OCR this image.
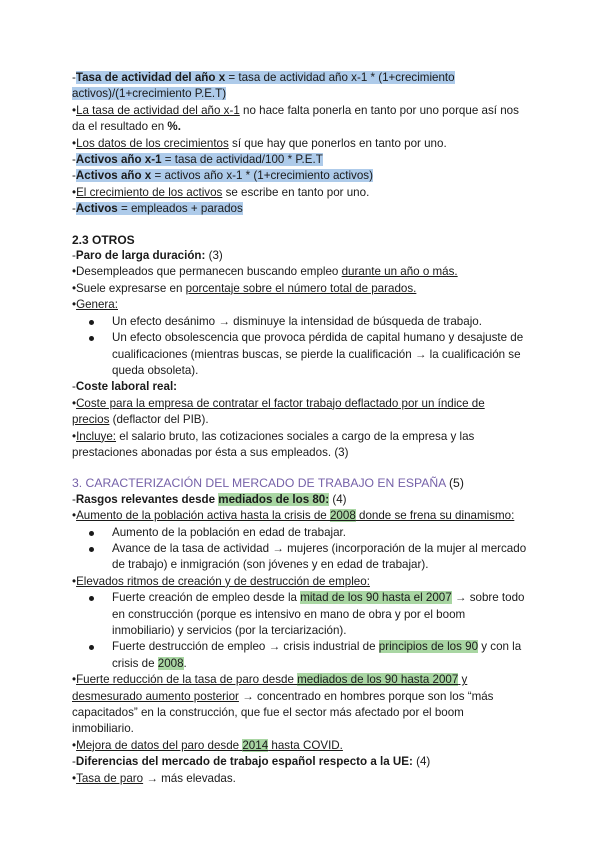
-Tasa de actividad del año x = tasa de actividad año x-1 * (1+crecimiento

activos)/(1+crecimiento P.E.T)

•La tasa de actividad del año x-1 no hace falta ponerla en tanto por uno porque así nos

da el resultado en %.

•Los datos de los crecimientos sí que hay que ponerlos en tanto por uno.

-Activos año x-1 = tasa de actividad/100 * P.E.T

-Activos año x = activos año x-1 * (1+crecimiento activos)

•El crecimiento de los activos se escribe en tanto por uno.

-Activos = empleados + parados

2.3 OTROS

-Paro de larga duración: (3)

•Desempleados que permanecen buscando empleo durante un año o más.

•Suele expresarse en porcentaje sobre el número total de parados.

•Genera:

Un efecto desánimo → disminuye la intensidad de búsqueda de trabajo.

Un efecto obsolescencia que provoca pérdida de capital humano y desajuste de

cualificaciones (mientras buscas, se pierde la cualificación → la cualificación se

queda obsoleta).

-Coste laboral real:

•Coste para la empresa de contratar el factor trabajo deflactado por un índice de

precios (deflactor del PIB).

•Incluye: el salario bruto, las cotizaciones sociales a cargo de la empresa y las

prestaciones abonadas por ésta a sus empleados. (3)

3. CARACTERIZACIÓN DEL MERCADO DE TRABAJO EN ESPAÑA (5)

-Rasgos relevantes desde mediados de los 80: (4)

•Aumento de la población activa hasta la crisis de 2008 donde se frena su dinamismo:

Aumento de la población en edad de trabajar.

Avance de la tasa de actividad → mujeres (incorporación de la mujer al mercado

de trabajo) e inmigración (son jóvenes y en edad de trabajar).

•Elevados ritmos de creación y de destrucción de empleo:

Fuerte creación de empleo desde la mitad de los 90 hasta el 2007 → sobre todo

en construcción (porque es intensivo en mano de obra y por el boom

inmobiliario) y servicios (por la terciarización).

Fuerte destrucción de empleo → crisis industrial de principios de los 90 y con la

crisis de 2008.

•Fuerte reducción de la tasa de paro desde mediados de los 90 hasta 2007 y

desmesurado aumento posterior → concentrado en hombres porque son los “más

capacitados” en la construcción, que fue el sector más afectado por el boom

inmobiliario.

•Mejora de datos del paro desde 2014 hasta COVID.

-Diferencias del mercado de trabajo español respecto a la UE: (4)

•Tasa de paro → más elevadas.
